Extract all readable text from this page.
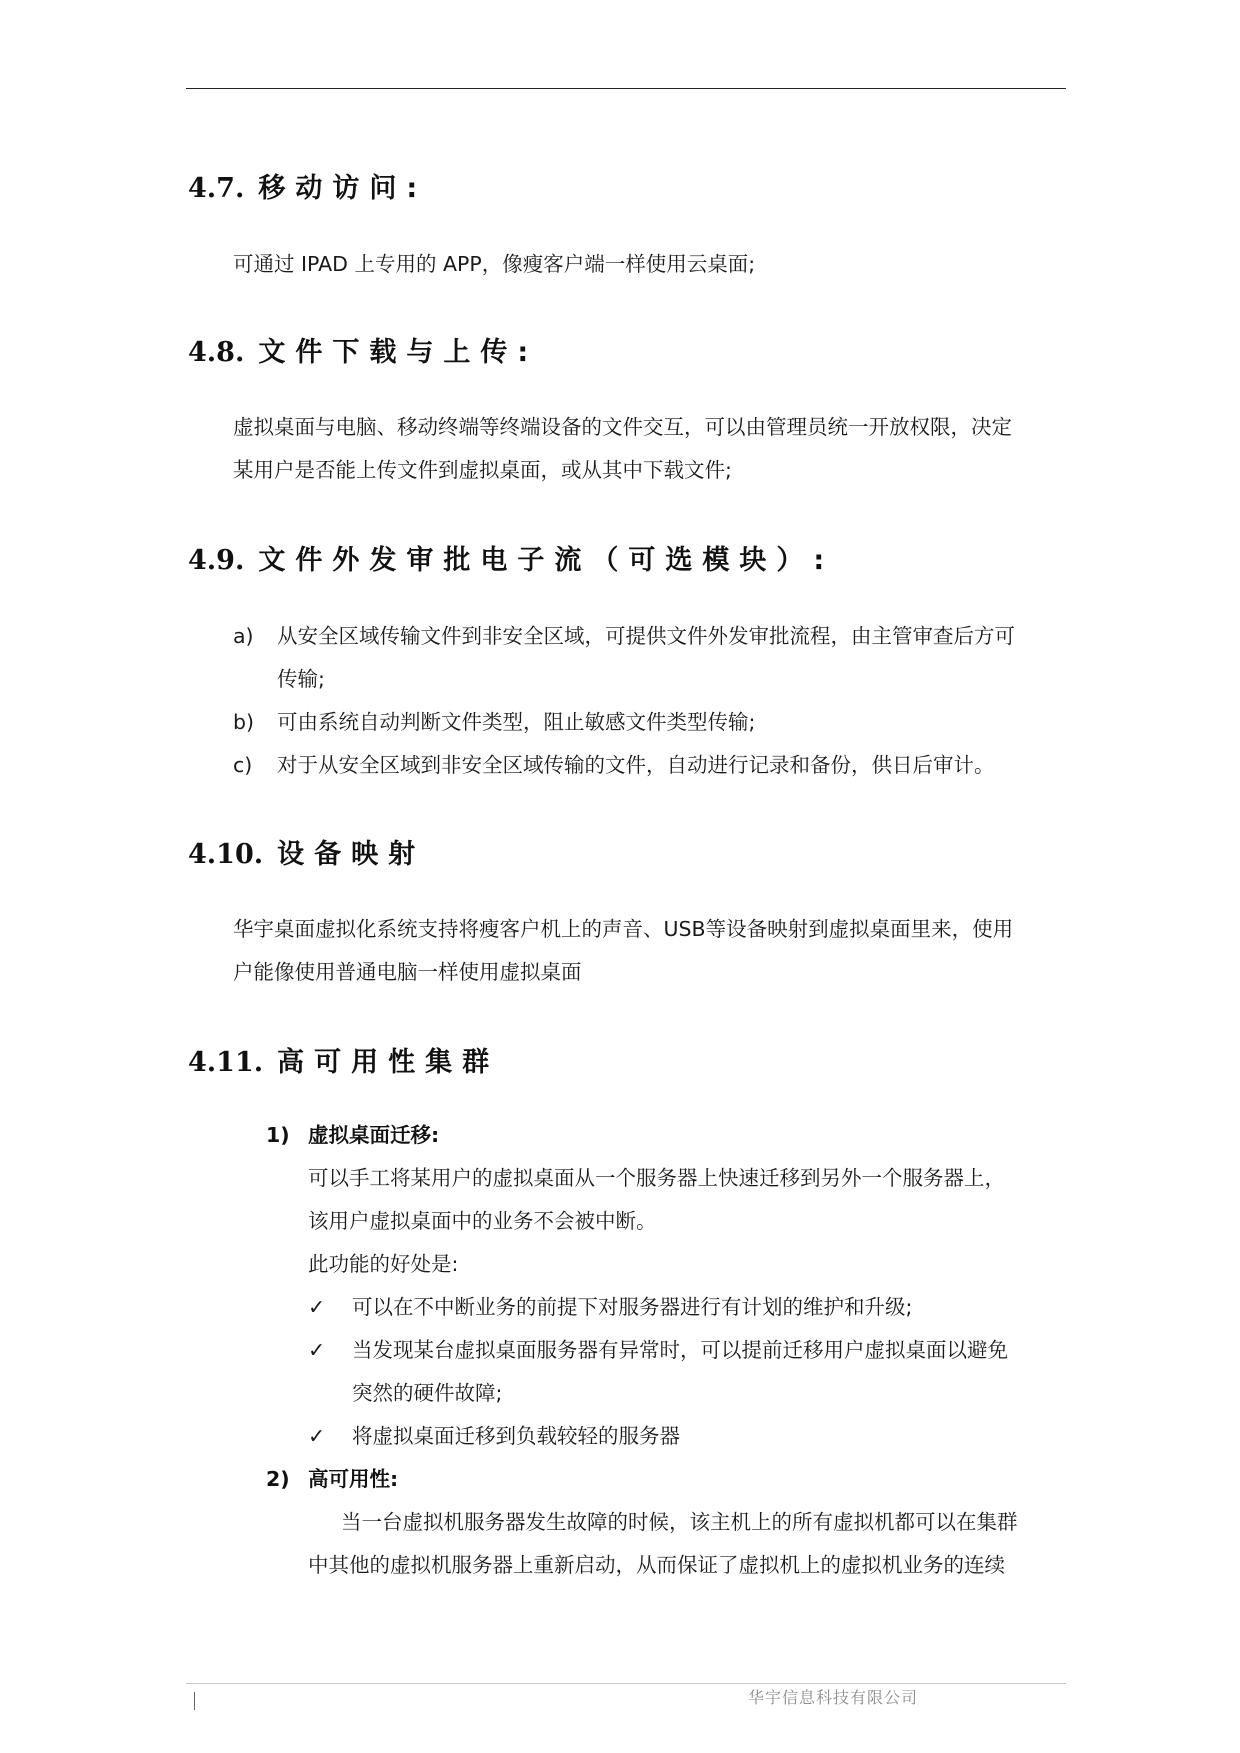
4.7. 移动访问:
可通过 IPAD 上专用的 APP，像瘦客户端一样使用云桌面;
4.8. 文件下载与上传:
虚拟桌面与电脑、移动终端等终端设备的文件交互，可以由管理员统一开放权限，决定
某用户是否能上传文件到虚拟桌面，或从其中下载文件;
4.9. 文件外发审批电子流（可选模块）:
a) 从安全区域传输文件到非安全区域，可提供文件外发审批流程，由主管审查后方可
传输;
b) 可由系统自动判断文件类型，阻止敏感文件类型传输;
c) 对于从安全区域到非安全区域传输的文件，自动进行记录和备份，供日后审计。
4.10. 设备映射
华宇桌面虚拟化系统支持将瘦客户机上的声音、USB等设备映射到虚拟桌面里来，使用
户能像使用普通电脑一样使用虚拟桌面
4.11. 高可用性集群
1) 虚拟桌面迁移:
可以手工将某用户的虚拟桌面从一个服务器上快速迁移到另外一个服务器上，
该用户虚拟桌面中的业务不会被中断。
此功能的好处是:
✓ 可以在不中断业务的前提下对服务器进行有计划的维护和升级;
✓ 当发现某台虚拟桌面服务器有异常时，可以提前迁移用户虚拟桌面以避免
突然的硬件故障;
✓ 将虚拟桌面迁移到负载较轻的服务器
2) 高可用性:
当一台虚拟机服务器发生故障的时候，该主机上的所有虚拟机都可以在集群
中其他的虚拟机服务器上重新启动，从而保证了虚拟机上的虚拟机业务的连续
华宇信息科技有限公司
